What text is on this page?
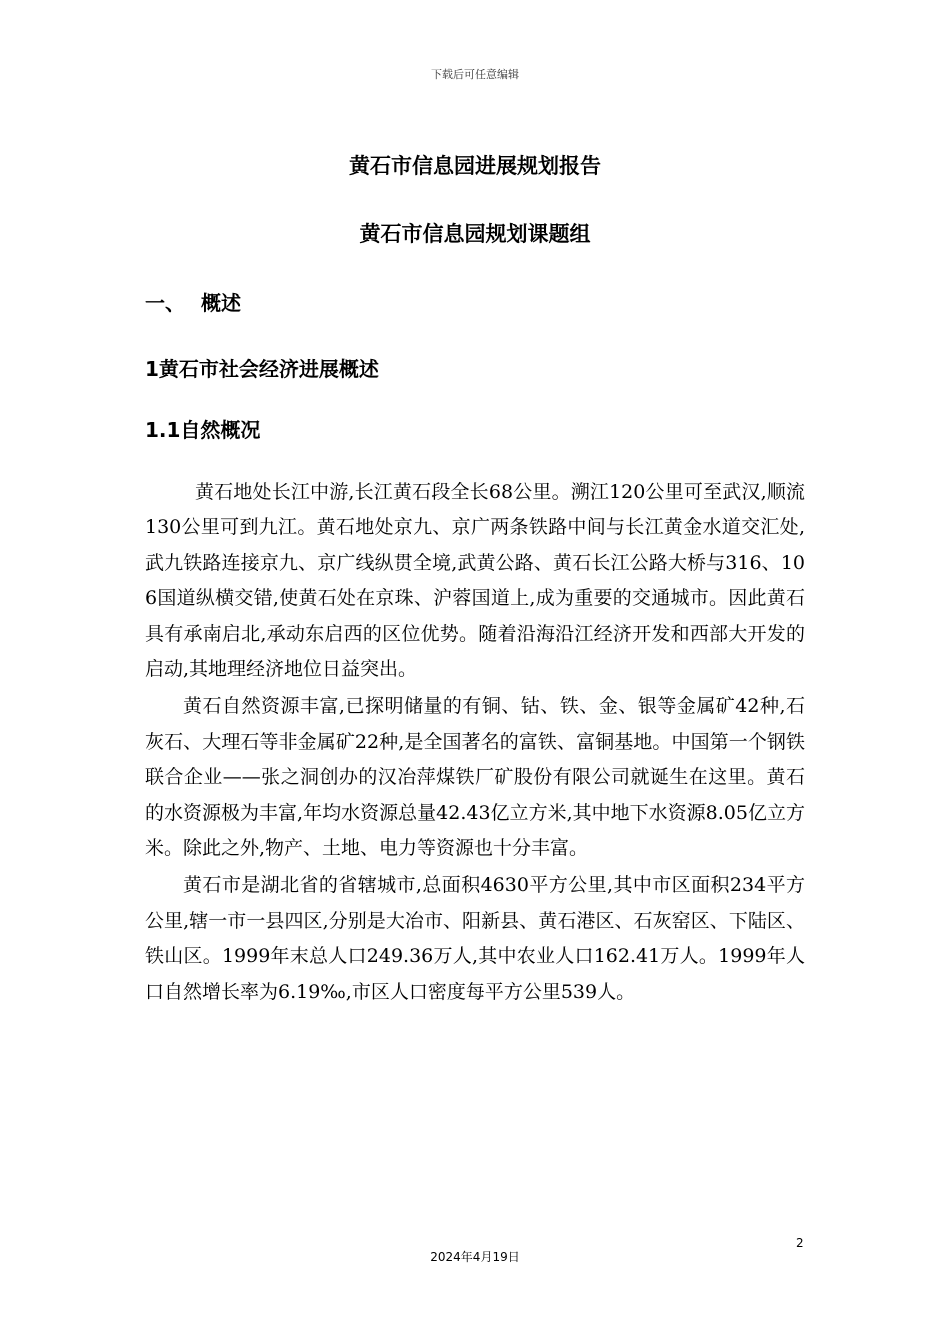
下载后可任意编辑
黄石市信息园进展规划报告
黄石市信息园规划课题组
一、 概述
1黄石市社会经济进展概述
1.1自然概况

黄石地处长江中游,长江黄石段全长68公里。溯江120公里可至武汉,顺流130公里可到九江。黄石地处京九、京广两条铁路中间与长江黄金水道交汇处,武九铁路连接京九、京广线纵贯全境,武黄公路、黄石长江公路大桥与316、106国道纵横交错,使黄石处在京珠、沪蓉国道上,成为重要的交通城市。因此黄石具有承南启北,承动东启西的区位优势。随着沿海沿江经济开发和西部大开发的启动,其地理经济地位日益突出。

黄石自然资源丰富,已探明储量的有铜、钴、铁、金、银等金属矿42种,石灰石、大理石等非金属矿22种,是全国著名的富铁、富铜基地。中国第一个钢铁联合企业——张之洞创办的汉冶萍煤铁厂矿股份有限公司就诞生在这里。黄石的水资源极为丰富,年均水资源总量42.43亿立方米,其中地下水资源8.05亿立方米。除此之外,物产、土地、电力等资源也十分丰富。

黄石市是湖北省的省辖城市,总面积4630平方公里,其中市区面积234平方公里,辖一市一县四区,分别是大冶市、阳新县、黄石港区、石灰窑区、下陆区、铁山区。1999年末总人口249.36万人,其中农业人口162.41万人。1999年人口自然增长率为6.19‰,市区人口密度每平方公里539人。

2
2024年4月19日
